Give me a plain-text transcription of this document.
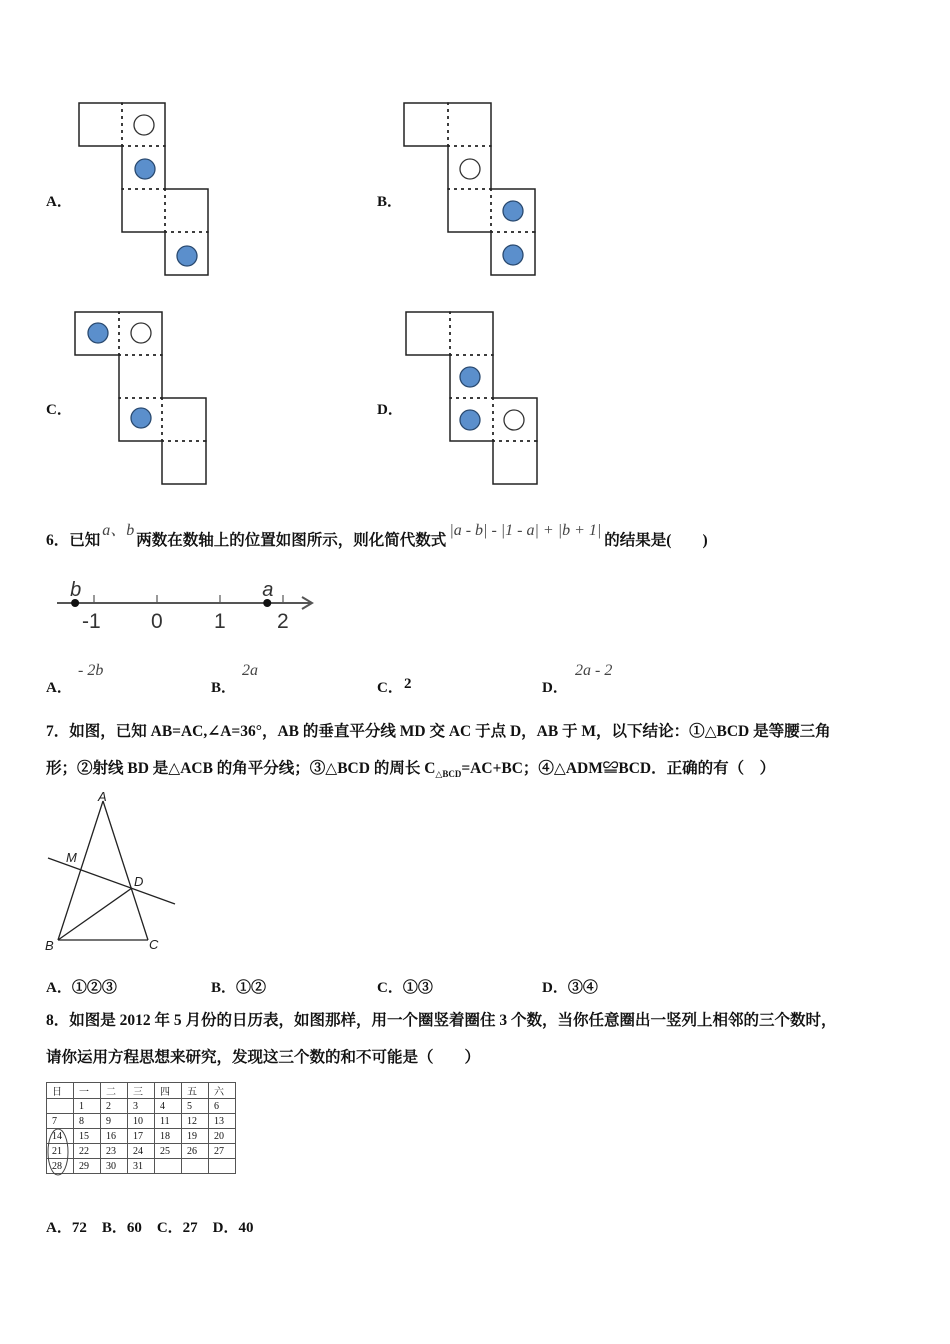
A．	B．
C．	D．
6．已知a、b两数在数轴上的位置如图所示，则化简代数式|a - b| - |1 - a| + |b + 1|的结果是(　　)
-1 0 1 2
b	a
A．
- 2b
B．
2a
C． 2	D．
2a - 2
7．如图，已知 AB=AC,∠A=36°，AB 的垂直平分线 MD 交 AC 于点 D，AB 于 M，以下结论：①△BCD 是等腰三角
形；②射线 BD 是△ACB 的角平分线；③△BCD 的周长 $C_{\triangle BCD}=AC+BC$；④△ADM≌BCD．正确的有（　）
A
M
D
B	C
A．①②③	B．①②	C．①③	D．③④
8．如图是 2012 年 5 月份的日历表，如图那样，用一个圈竖着圈住 3 个数，当你任意圈出一竖列上相邻的三个数时，
请你运用方程思想来研究，发现这三个数的和不可能是（　　）
日	一	二	三	四	五	六
	1	2	3	4	5	6
7	8	9	10	11	12	13
14	15	16	17	18	19	20
21	22	23	24	25	26	27
28	29	30	31			
A．72　B．60　C．27　D．40
